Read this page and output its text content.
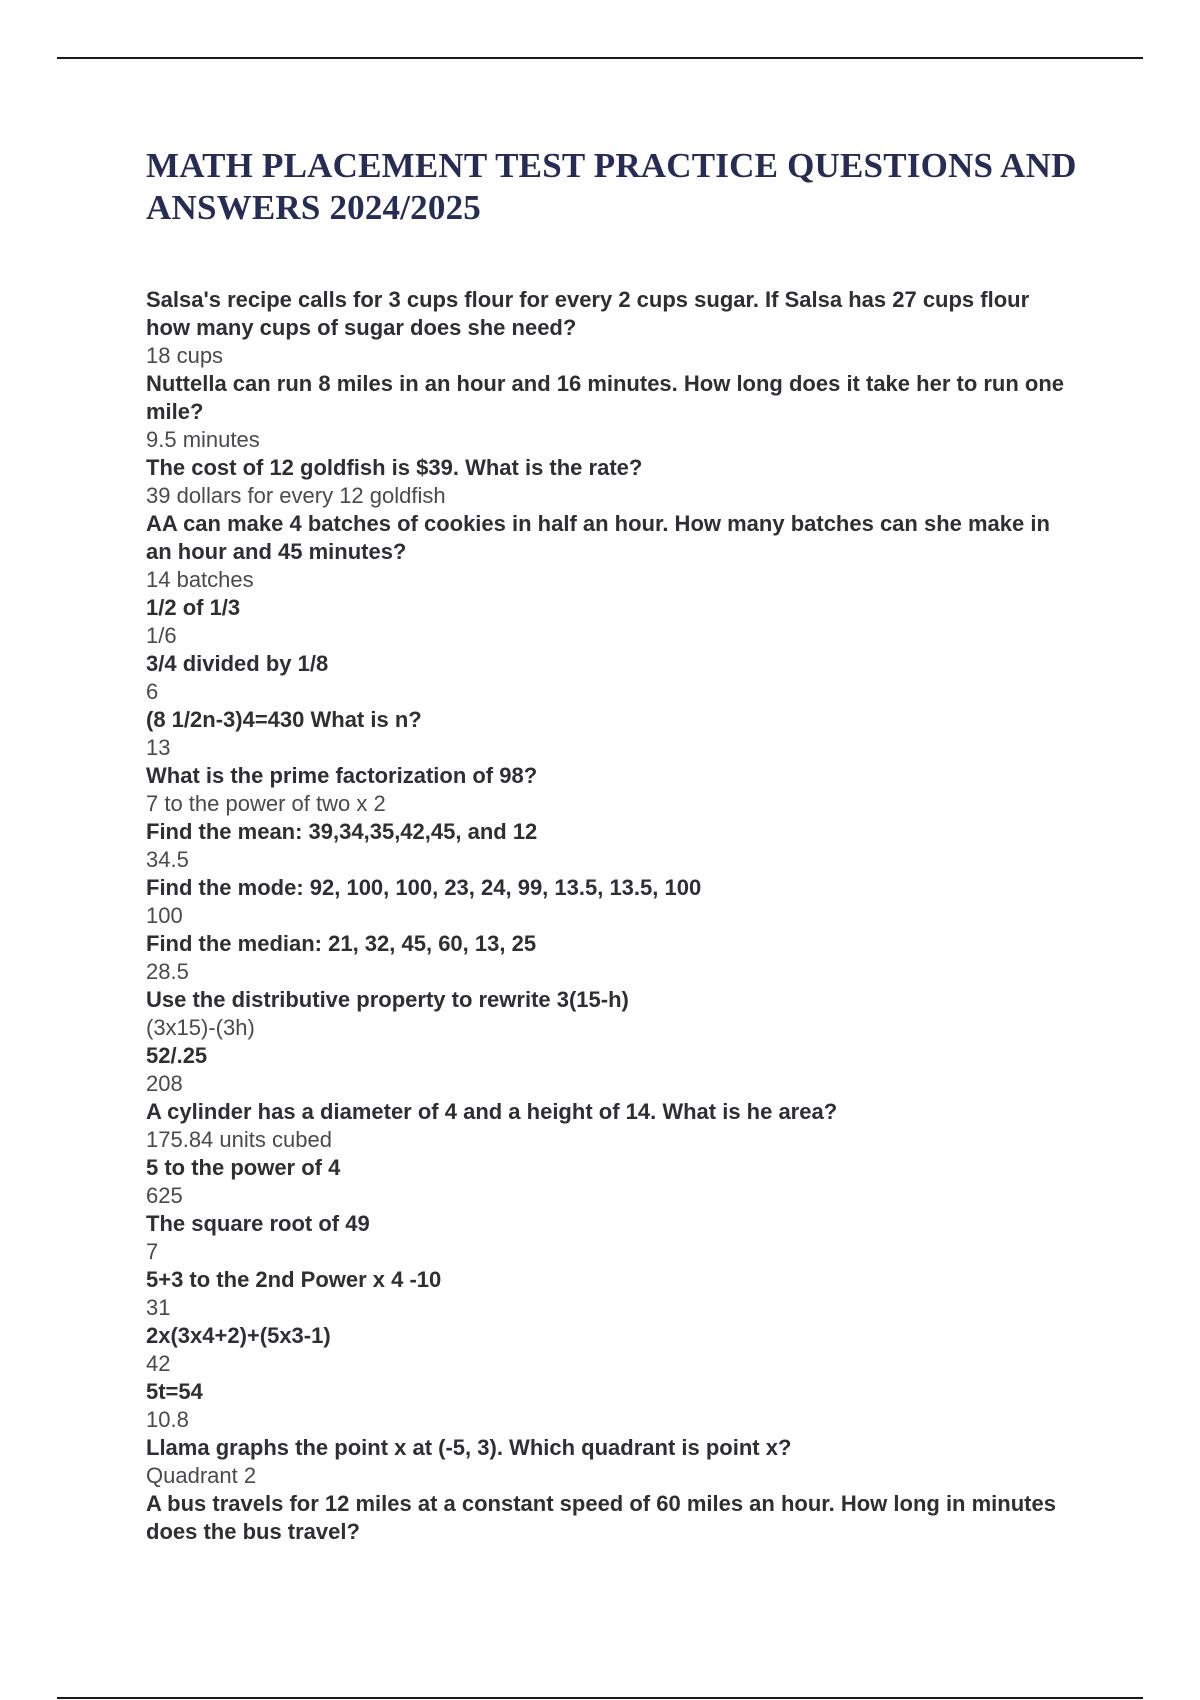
MATH PLACEMENT TEST PRACTICE QUESTIONS AND ANSWERS 2024/2025
Salsa's recipe calls for 3 cups flour for every 2 cups sugar. If Salsa has 27 cups flour how many cups of sugar does she need?
18 cups
Nuttella can run 8 miles in an hour and 16 minutes. How long does it take her to run one mile?
9.5 minutes
The cost of 12 goldfish is $39. What is the rate?
39 dollars for every 12 goldfish
AA can make 4 batches of cookies in half an hour. How many batches can she make in an hour and 45 minutes?
14 batches
1/2 of 1/3
1/6
3/4 divided by 1/8
6
(8 1/2n-3)4=430 What is n?
13
What is the prime factorization of 98?
7 to the power of two x 2
Find the mean: 39,34,35,42,45, and 12
34.5
Find the mode: 92, 100, 100, 23, 24, 99, 13.5, 13.5, 100
100
Find the median: 21, 32, 45, 60, 13, 25
28.5
Use the distributive property to rewrite 3(15-h)
(3x15)-(3h)
52/.25
208
A cylinder has a diameter of 4 and a height of 14. What is he area?
175.84 units cubed
5 to the power of 4
625
The square root of 49
7
5+3 to the 2nd Power x 4 -10
31
2x(3x4+2)+(5x3-1)
42
5t=54
10.8
Llama graphs the point x at (-5, 3). Which quadrant is point x?
Quadrant 2
A bus travels for 12 miles at a constant speed of 60 miles an hour. How long in minutes does the bus travel?
